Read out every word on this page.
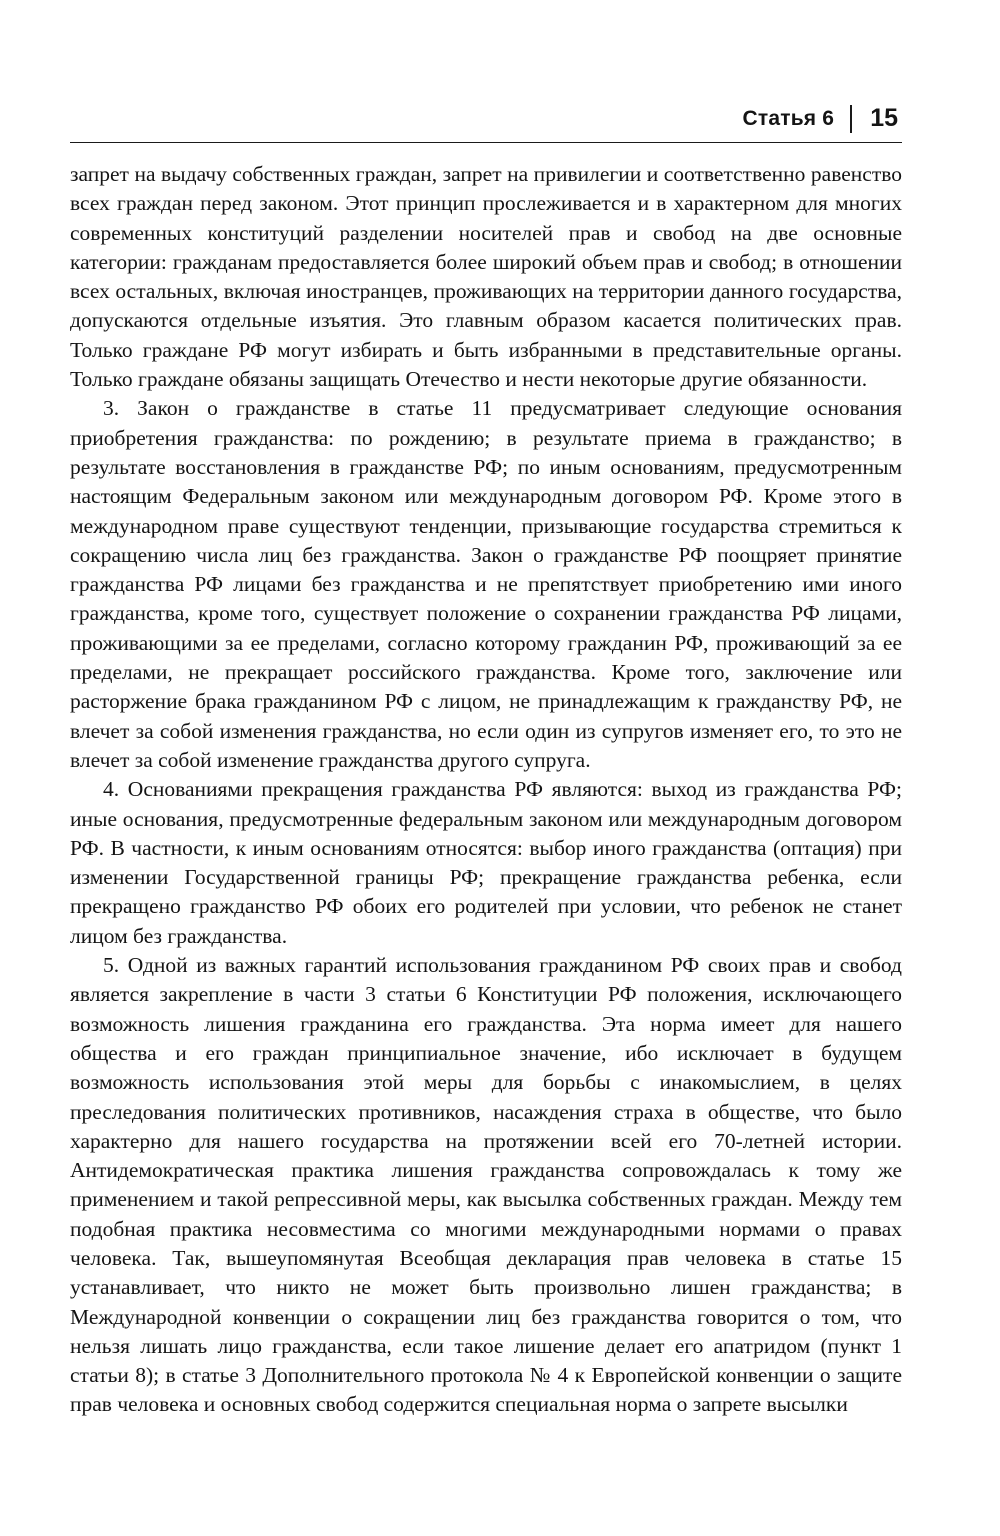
Статья 6 15

запрет на выдачу собственных граждан, запрет на привилегии и соответственно равенство всех граждан перед законом. Этот принцип прослеживается и в характерном для многих современных конституций разделении носителей прав и свобод на две основные категории: гражданам предоставляется более широкий объем прав и свобод; в отношении всех остальных, включая иностранцев, проживающих на территории данного государства, допускаются отдельные изъятия. Это главным образом касается политических прав. Только граждане РФ могут избирать и быть избранными в представительные органы. Только граждане обязаны защищать Отечество и нести некоторые другие обязанности.

3. Закон о гражданстве в статье 11 предусматривает следующие основания приобретения гражданства: по рождению; в результате приема в гражданство; в результате восстановления в гражданстве РФ; по иным основаниям, предусмотренным настоящим Федеральным законом или международным договором РФ. Кроме этого в международном праве существуют тенденции, призывающие государства стремиться к сокращению числа лиц без гражданства. Закон о гражданстве РФ поощряет принятие гражданства РФ лицами без гражданства и не препятствует приобретению ими иного гражданства, кроме того, существует положение о сохранении гражданства РФ лицами, проживающими за ее пределами, согласно которому гражданин РФ, проживающий за ее пределами, не прекращает российского гражданства. Кроме того, заключение или расторжение брака гражданином РФ с лицом, не принадлежащим к гражданству РФ, не влечет за собой изменения гражданства, но если один из супругов изменяет его, то это не влечет за собой изменение гражданства другого супруга.

4. Основаниями прекращения гражданства РФ являются: выход из гражданства РФ; иные основания, предусмотренные федеральным законом или международным договором РФ. В частности, к иным основаниям относятся: выбор иного гражданства (оптация) при изменении Государственной границы РФ; прекращение гражданства ребенка, если прекращено гражданство РФ обоих его родителей при условии, что ребенок не станет лицом без гражданства.

5. Одной из важных гарантий использования гражданином РФ своих прав и свобод является закрепление в части 3 статьи 6 Конституции РФ положения, исключающего возможность лишения гражданина его гражданства. Эта норма имеет для нашего общества и его граждан принципиальное значение, ибо исключает в будущем возможность использования этой меры для борьбы с инакомыслием, в целях преследования политических противников, насаждения страха в обществе, что было характерно для нашего государства на протяжении всей его 70-летней истории. Антидемократическая практика лишения гражданства сопровождалась к тому же применением и такой репрессивной меры, как высылка собственных граждан. Между тем подобная практика несовместима со многими международными нормами о правах человека. Так, вышеупомянутая Всеобщая декларация прав человека в статье 15 устанавливает, что никто не может быть произвольно лишен гражданства; в Международной конвенции о сокращении лиц без гражданства говорится о том, что нельзя лишать лицо гражданства, если такое лишение делает его апатридом (пункт 1 статьи 8); в статье 3 Дополнительного протокола № 4 к Европейской конвенции о защите прав человека и основных свобод содержится специальная норма о запрете высылки
